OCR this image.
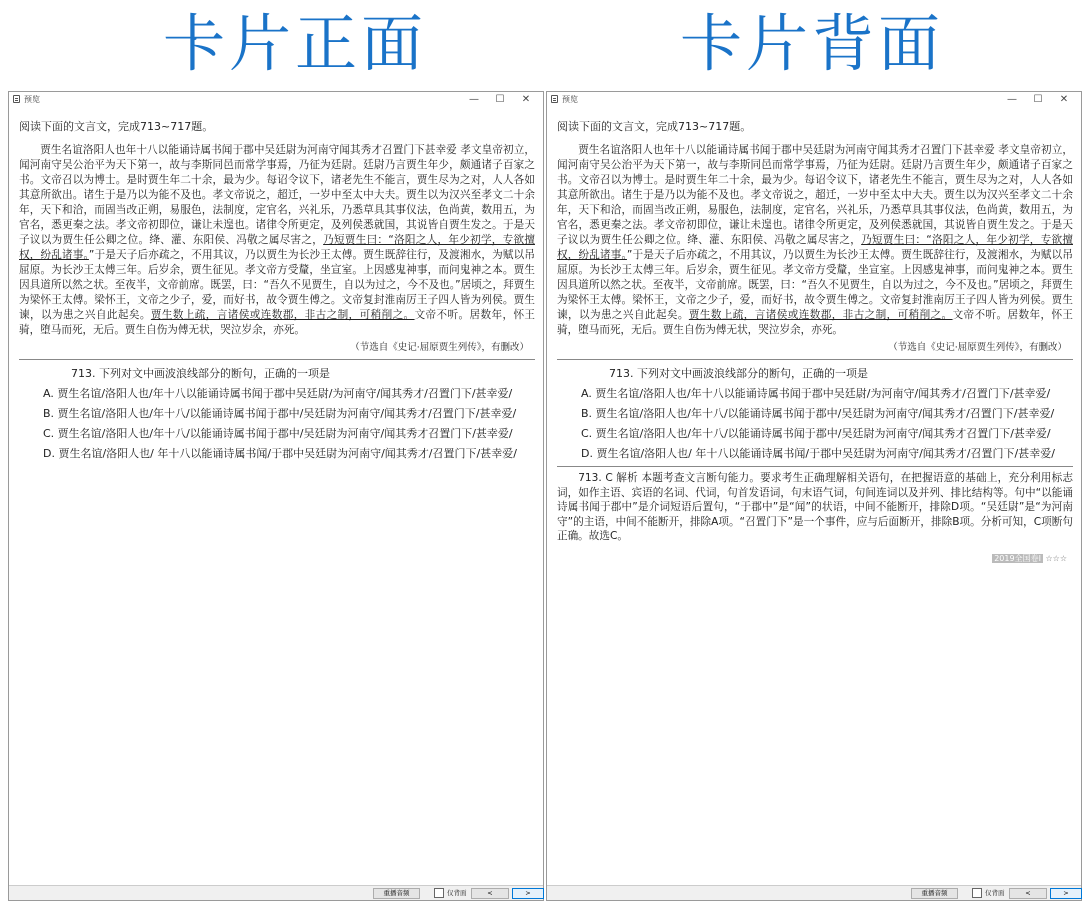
卡片正面	卡片背面
预览	—	☐	✕

阅读下面的文言文，完成713~717题。

贾生名谊洛阳人也年十八以能诵诗属书闻于郡中吴廷尉为河南守闻其秀才召置门下甚幸爱 孝文皇帝初立，闻河南守吴公治平为天下第一，故与李斯同邑而常学事焉，乃征为廷尉。廷尉乃言贾生年少，颇通诸子百家之书。文帝召以为博士。是时贾生年二十余，最为少。每诏令议下，诸老先生不能言，贾生尽为之对，人人各如其意所欲出。诸生于是乃以为能不及也。孝文帝说之，超迁，一岁中至太中大夫。贾生以为汉兴至孝文二十余年，天下和洽，而固当改正朔，易服色，法制度，定官名，兴礼乐，乃悉草具其事仪法，色尚黄，数用五，为官名，悉更秦之法。孝文帝初即位，谦让未遑也。诸律令所更定，及列侯悉就国，其说皆自贾生发之。于是天子议以为贾生任公卿之位。绛、灌、东阳侯、冯敬之属尽害之，乃短贾生曰：“洛阳之人，年少初学，专欲擅权，纷乱诸事。”于是天子后亦疏之，不用其议，乃以贾生为长沙王太傅。贾生既辞往行，及渡湘水，为赋以吊屈原。为长沙王太傅三年。后岁余，贾生征见。孝文帝方受釐，坐宣室。上因感鬼神事，而问鬼神之本。贾生因具道所以然之状。至夜半，文帝前席。既罢，曰：“吾久不见贾生，自以为过之，今不及也。”居顷之，拜贾生为梁怀王太傅。梁怀王，文帝之少子，爱，而好书，故令贾生傅之。文帝复封淮南厉王子四人皆为列侯。贾生谏，以为患之兴自此起矣。贾生数上疏，言诸侯或连数郡，非古之制，可稍削之。文帝不听。居数年，怀王骑，堕马而死，无后。贾生自伤为傅无状，哭泣岁余，亦死。

（节选自《史记·屈原贾生列传》，有删改）
713. 下列对文中画波浪线部分的断句，正确的一项是
A. 贾生名谊/洛阳人也/年十八以能诵诗属书闻于郡中吴廷尉/为河南守/闻其秀才/召置门下/甚幸爱/
B. 贾生名谊/洛阳人也/年十八/以能诵诗属书闻于郡中/吴廷尉为河南守/闻其秀才/召置门下/甚幸爱/
C. 贾生名谊/洛阳人也/年十八/以能诵诗属书闻于郡中/吴廷尉为河南守/闻其秀才召置门下/甚幸爱/
D. 贾生名谊/洛阳人也/ 年十八以能诵诗属书闻/于郡中吴廷尉为河南守/闻其秀才/召置门下/甚幸爱/
重播音频	仅背面	<	>
预览	—	☐	✕

阅读下面的文言文，完成713~717题。

贾生名谊洛阳人也年十八以能诵诗属书闻于郡中吴廷尉为河南守闻其秀才召置门下甚幸爱 孝文皇帝初立，闻河南守吴公治平为天下第一，故与李斯同邑而常学事焉，乃征为廷尉。廷尉乃言贾生年少，颇通诸子百家之书。文帝召以为博士。是时贾生年二十余，最为少。每诏令议下，诸老先生不能言，贾生尽为之对，人人各如其意所欲出。诸生于是乃以为能不及也。孝文帝说之，超迁，一岁中至太中大夫。贾生以为汉兴至孝文二十余年，天下和洽，而固当改正朔，易服色，法制度，定官名，兴礼乐，乃悉草具其事仪法，色尚黄，数用五，为官名，悉更秦之法。孝文帝初即位，谦让未遑也。诸律令所更定，及列侯悉就国，其说皆自贾生发之。于是天子议以为贾生任公卿之位。绛、灌、东阳侯、冯敬之属尽害之，乃短贾生曰：“洛阳之人，年少初学，专欲擅权，纷乱诸事。”于是天子后亦疏之，不用其议，乃以贾生为长沙王太傅。贾生既辞往行，及渡湘水，为赋以吊屈原。为长沙王太傅三年。后岁余，贾生征见。孝文帝方受釐，坐宣室。上因感鬼神事，而问鬼神之本。贾生因具道所以然之状。至夜半，文帝前席。既罢，曰：“吾久不见贾生，自以为过之，今不及也。”居顷之，拜贾生为梁怀王太傅。梁怀王，文帝之少子，爱，而好书，故令贾生傅之。文帝复封淮南厉王子四人皆为列侯。贾生谏，以为患之兴自此起矣。贾生数上疏，言诸侯或连数郡，非古之制，可稍削之。文帝不听。居数年，怀王骑，堕马而死，无后。贾生自伤为傅无状，哭泣岁余，亦死。

（节选自《史记·屈原贾生列传》，有删改）
713. 下列对文中画波浪线部分的断句，正确的一项是
A. 贾生名谊/洛阳人也/年十八以能诵诗属书闻于郡中吴廷尉/为河南守/闻其秀才/召置门下/甚幸爱/
B. 贾生名谊/洛阳人也/年十八/以能诵诗属书闻于郡中/吴廷尉为河南守/闻其秀才/召置门下/甚幸爱/
C. 贾生名谊/洛阳人也/年十八/以能诵诗属书闻于郡中/吴廷尉为河南守/闻其秀才召置门下/甚幸爱/
D. 贾生名谊/洛阳人也/ 年十八以能诵诗属书闻/于郡中吴廷尉为河南守/闻其秀才/召置门下/甚幸爱/

713. C 解析 本题考查文言断句能力。要求考生正确理解相关语句，在把握语意的基础上，充分利用标志词，如作主语、宾语的名词、代词，句首发语词，句末语气词，句间连词以及并列、排比结构等。句中“以能诵诗属书闻于郡中”是介词短语后置句，“于郡中”是“闻”的状语，中间不能断开，排除D项。“吴廷尉”是“为河南守”的主语，中间不能断开，排除A项。“召置门下”是一个事件，应与后面断开，排除B项。分析可知，C项断句正确。故选C。

2019全国卷Ⅰ ☆☆☆
重播音频	仅背面	<	>
